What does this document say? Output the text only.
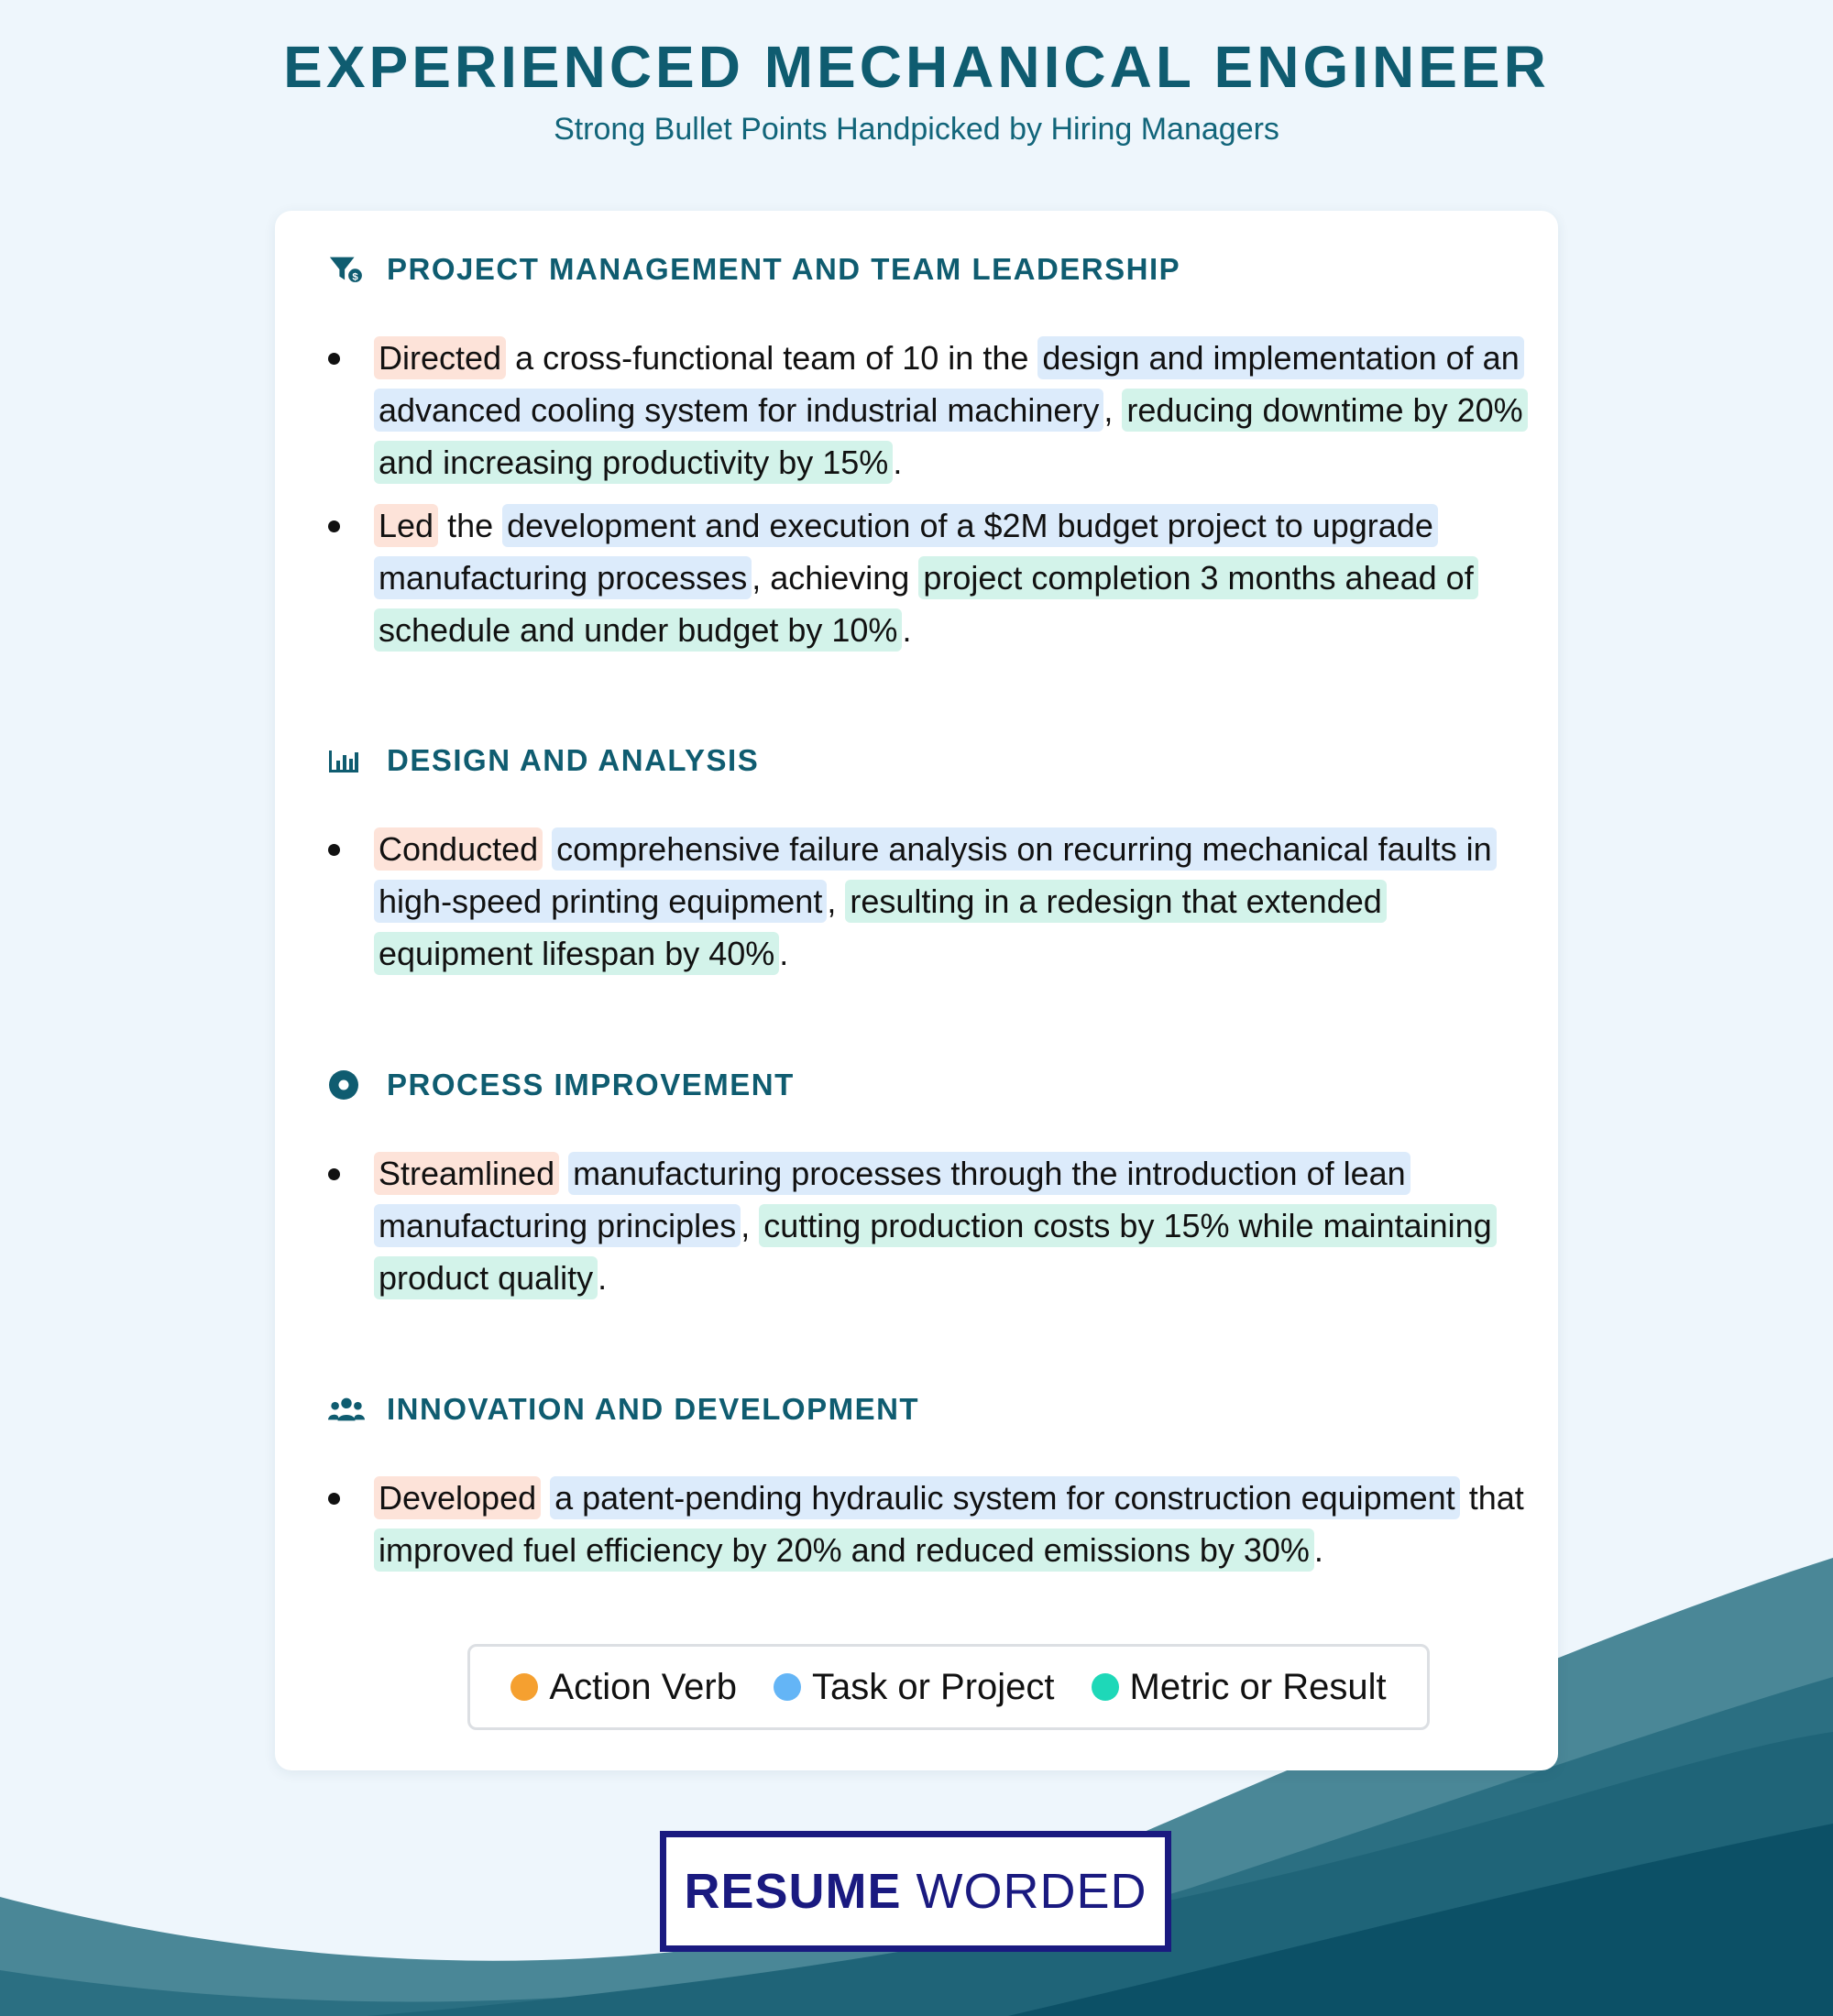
EXPERIENCED MECHANICAL ENGINEER

Strong Bullet Points Handpicked by Hiring Managers

$ PROJECT MANAGEMENT AND TEAM LEADERSHIP
Directed a cross-functional team of 10 in the design and implementation of an advanced cooling system for industrial machinery , reducing downtime by 20% and increasing productivity by 15% .
Led the development and execution of a $2M budget project to upgrade manufacturing processes , achieving project completion 3 months ahead of schedule and under budget by 10% .
DESIGN AND ANALYSIS
Conducted comprehensive failure analysis on recurring mechanical faults in high-speed printing equipment , resulting in a redesign that extended equipment lifespan by 40% .
PROCESS IMPROVEMENT
Streamlined manufacturing processes through the introduction of lean manufacturing principles , cutting production costs by 15% while maintaining product quality .
INNOVATION AND DEVELOPMENT
Developed a patent-pending hydraulic system for construction equipment that improved fuel efficiency by 20% and reduced emissions by 30% .
Action Verb Task or Project Metric or Result
RESUME WORDED
